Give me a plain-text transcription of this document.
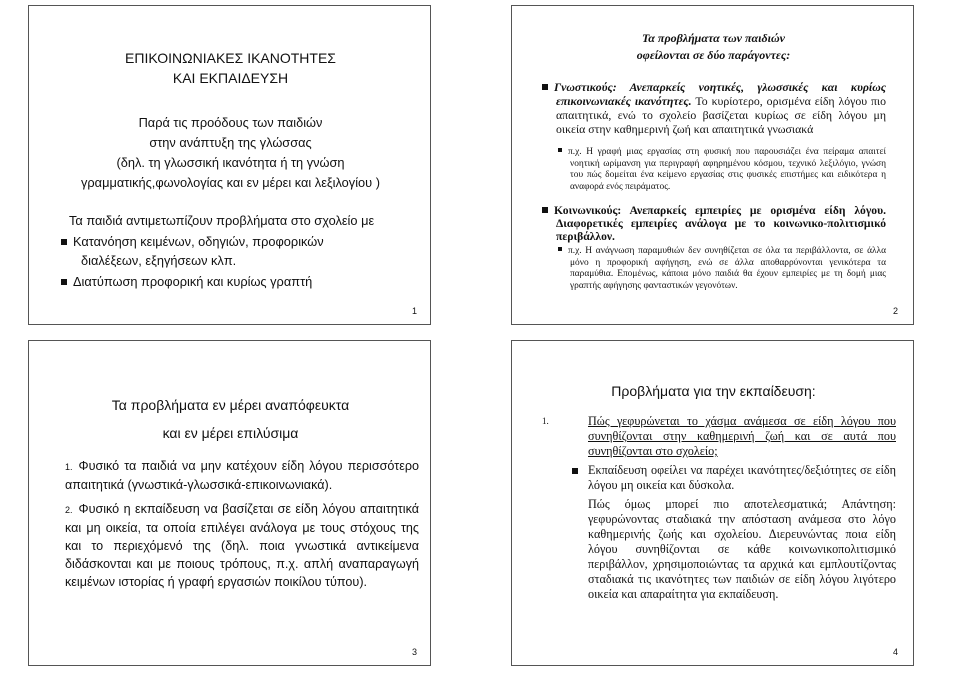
ΕΠΙΚΟΙΝΩΝΙΑΚΕΣ ΙΚΑΝΟΤΗΤΕΣ
ΚΑΙ ΕΚΠΑΙΔΕΥΣΗ
Παρά τις προόδους των παιδιών
στην ανάπτυξη της γλώσσας
(δηλ. τη γλωσσική ικανότητα ή τη γνώση
γραμματικής,φωνολογίας και εν μέρει και λεξιλογίου )
Τα παιδιά αντιμετωπίζουν προβλήματα στο σχολείο με
Κατανόηση κειμένων, οδηγιών, προφορικών
διαλέξεων, εξηγήσεων κλπ.
Διατύπωση προφορική και κυρίως γραπτή
1
Τα προβλήματα των παιδιών
οφείλονται σε δύο παράγοντες:
Γνωστικούς: Ανεπαρκείς νοητικές, γλωσσικές και κυρίως επικοινωνιακές ικανότητες. Το κυρίοτερο, ορισμένα είδη λόγου πιο απαιτητικά, ενώ το σχολείο βασίζεται κυρίως σε είδη λόγου μη οικεία στην καθημερινή ζωή και απαιτητικά γνωσιακά
π.χ. Η γραφή μιας εργασίας στη φυσική που παρουσιάζει ένα πείραμα απαιτεί νοητική ωρίμανση για περιγραφή αφηρημένου κόσμου, τεχνικό λεξιλόγιο, γνώση του πώς δομείται ένα κείμενο εργασίας στις φυσικές επιστήμες και ειδικότερα η αναφορά ενός πειράματος.
Κοινωνικούς: Ανεπαρκείς εμπειρίες με ορισμένα είδη λόγου. Διαφορετικές εμπειρίες ανάλογα με το κοινωνικο-πολιτισμικό περιβάλλον.
π.χ. Η ανάγνωση παραμυθιών δεν συνηθίζεται σε όλα τα περιβάλλοντα, σε άλλα μόνο η προφορική αφήγηση, ενώ σε άλλα αποθαρρύνονται γενικότερα τα παραμύθια. Επομένως, κάποια μόνο παιδιά θα έχουν εμπειρίες με τη δομή μιας γραπτής αφήγησης φανταστικών γεγονότων.
2
Τα προβλήματα εν μέρει αναπόφευκτα
και εν μέρει επιλύσιμα
1. Φυσικό τα παιδιά να μην κατέχουν είδη λόγου περισσότερο απαιτητικά (γνωστικά-γλωσσικά-επικοινωνιακά).
2. Φυσικό η εκπαίδευση να βασίζεται σε είδη λόγου απαιτητικά και μη οικεία, τα οποία επιλέγει ανάλογα με τους στόχους της και το περιεχόμενό της (δηλ. ποια γνωστικά αντικείμενα διδάσκονται και με ποιους τρόπους, π.χ. απλή αναπαραγωγή κειμένων ιστορίας ή γραφή εργασιών ποικίλου τύπου).
3
Προβλήματα για την εκπαίδευση:
1.	Πώς γεφυρώνεται το χάσμα ανάμεσα σε είδη λόγου που συνηθίζονται στην καθημερινή ζωή και σε αυτά που συνηθίζονται στο σχολείο;
Εκπαίδευση οφείλει να παρέχει ικανότητες/δεξιότητες σε είδη λόγου μη οικεία και δύσκολα.
Πώς όμως μπορεί πιο αποτελεσματικά; Απάντηση: γεφυρώνοντας σταδιακά την απόσταση ανάμεσα στο λόγο καθημερινής ζωής και σχολείου. Διερευνώντας ποια είδη λόγου συνηθίζονται σε κάθε κοινωνικοπολιτισμικό περιβάλλον, χρησιμοποιώντας τα αρχικά και εμπλουτίζοντας σταδιακά τις ικανότητες των παιδιών σε είδη λόγου λιγότερο οικεία και απαραίτητα για εκπαίδευση.
4
